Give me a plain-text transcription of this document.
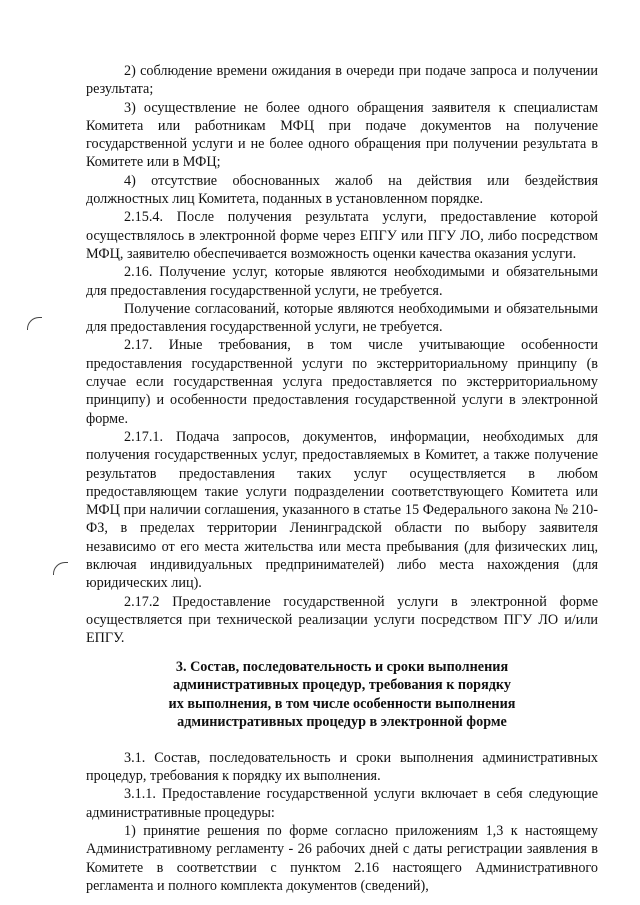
2) соблюдение времени ожидания в очереди при подаче запроса и получении результата;

3) осуществление не более одного обращения заявителя к специалистам Комитета или работникам МФЦ при подаче документов на получение государственной услуги и не более одного обращения при получении результата в Комитете или в МФЦ;

4) отсутствие обоснованных жалоб на действия или бездействия должностных лиц Комитета, поданных в установленном порядке.

2.15.4. После получения результата услуги, предоставление которой осуществлялось в электронной форме через ЕПГУ или ПГУ ЛО, либо посредством МФЦ, заявителю обеспечивается возможность оценки качества оказания услуги.

2.16. Получение услуг, которые являются необходимыми и обязательными для предоставления государственной услуги, не требуется.

Получение согласований, которые являются необходимыми и обязательными для предоставления государственной услуги, не требуется.

2.17. Иные требования, в том числе учитывающие особенности предоставления государственной услуги по экстерриториальному принципу (в случае если государственная услуга предоставляется по экстерриториальному принципу) и особенности предоставления государственной услуги в электронной форме.

2.17.1. Подача запросов, документов, информации, необходимых для получения государственных услуг, предоставляемых в Комитет, а также получение результатов предоставления таких услуг осуществляется в любом предоставляющем такие услуги подразделении соответствующего Комитета или МФЦ при наличии соглашения, указанного в статье 15 Федерального закона № 210-ФЗ, в пределах территории Ленинградской области по выбору заявителя независимо от его места жительства или места пребывания (для физических лиц, включая индивидуальных предпринимателей) либо места нахождения (для юридических лиц).

2.17.2 Предоставление государственной услуги в электронной форме осуществляется при технической реализации услуги посредством ПГУ ЛО и/или ЕПГУ.

3. Состав, последовательность и сроки выполнения
административных процедур, требования к порядку
их выполнения, в том числе особенности выполнения
административных процедур в электронной форме

3.1. Состав, последовательность и сроки выполнения административных процедур, требования к порядку их выполнения.

3.1.1. Предоставление государственной услуги включает в себя следующие административные процедуры:

1) принятие решения по форме согласно приложениям 1,3 к настоящему Административному регламенту - 26 рабочих дней с даты регистрации заявления в Комитете в соответствии с пунктом 2.16 настоящего Административного регламента и полного комплекта документов (сведений),
